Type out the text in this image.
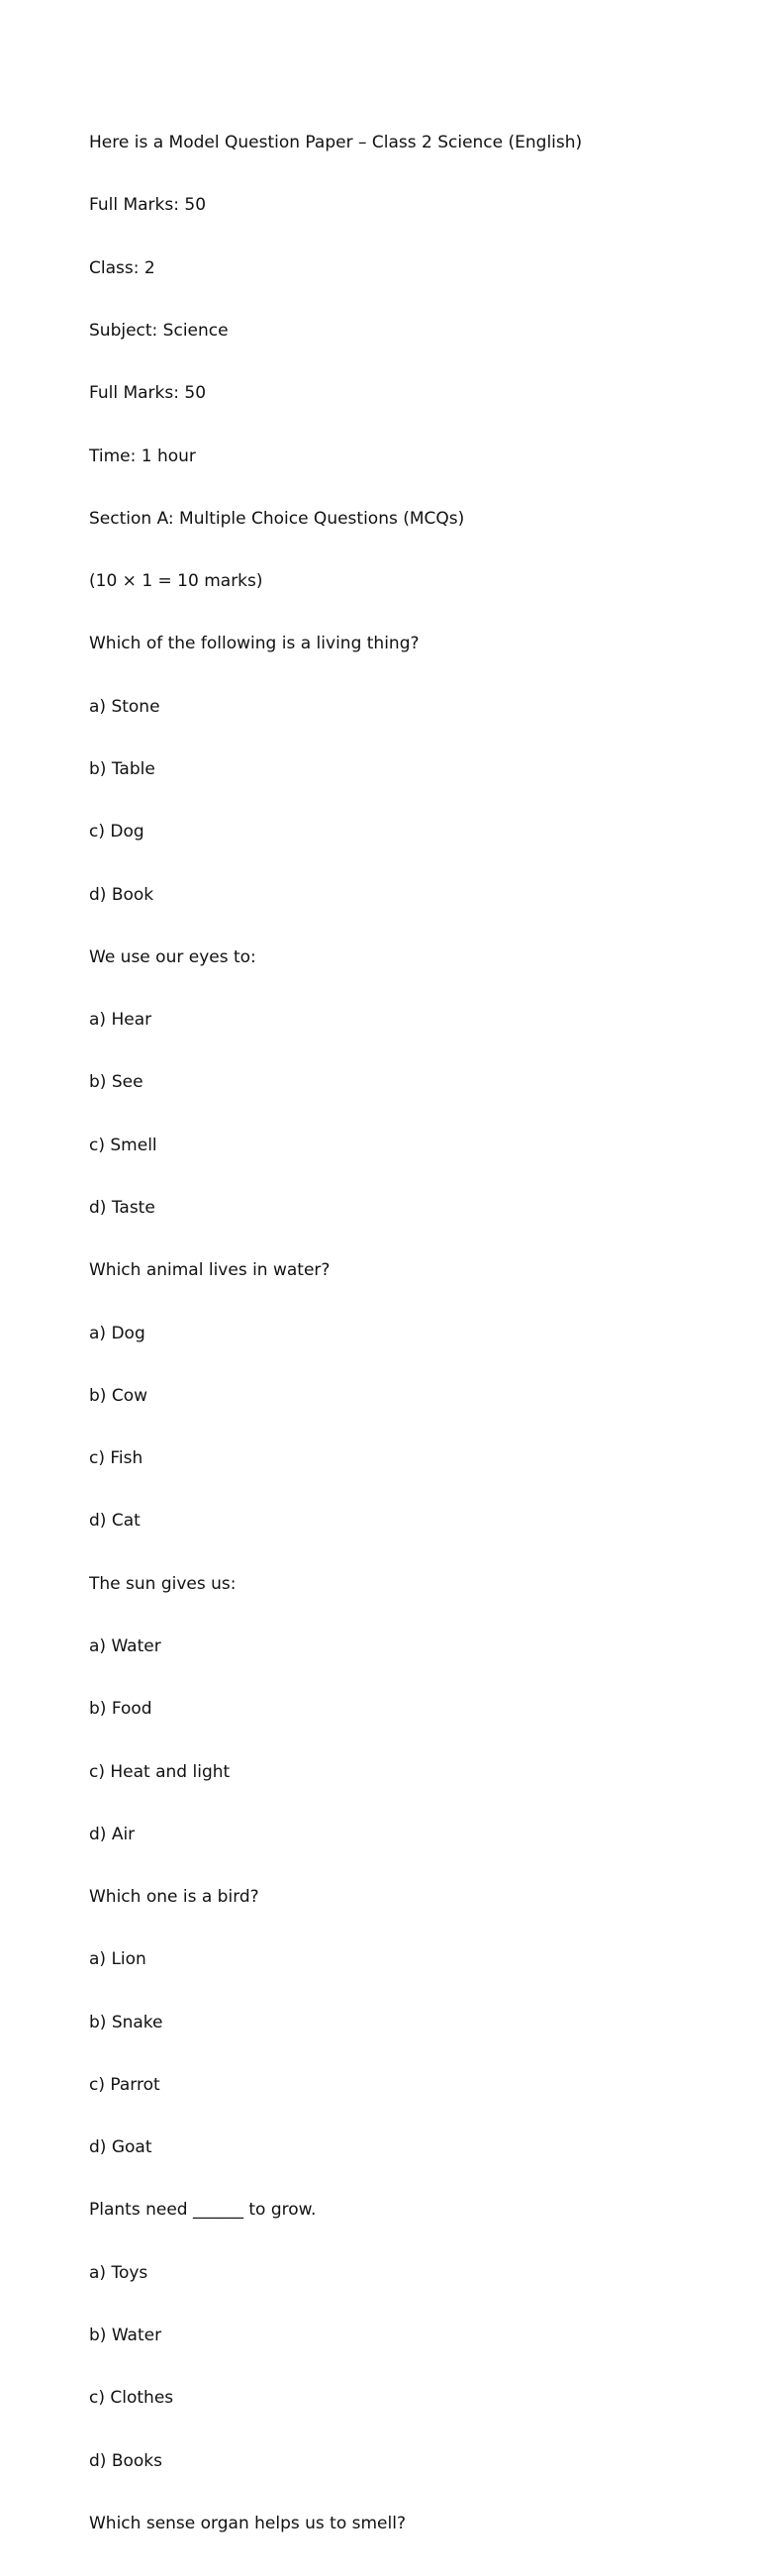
Here is a Model Question Paper – Class 2 Science (English)

Full Marks: 50

Class: 2

Subject: Science

Full Marks: 50

Time: 1 hour

Section A: Multiple Choice Questions (MCQs)

(10 × 1 = 10 marks)

Which of the following is a living thing?

a) Stone

b) Table

c) Dog

d) Book

We use our eyes to:

a) Hear

b) See

c) Smell

d) Taste

Which animal lives in water?

a) Dog

b) Cow

c) Fish

d) Cat

The sun gives us:

a) Water

b) Food

c) Heat and light

d) Air

Which one is a bird?

a) Lion

b) Snake

c) Parrot

d) Goat

Plants need ______ to grow.

a) Toys

b) Water

c) Clothes

d) Books

Which sense organ helps us to smell?
